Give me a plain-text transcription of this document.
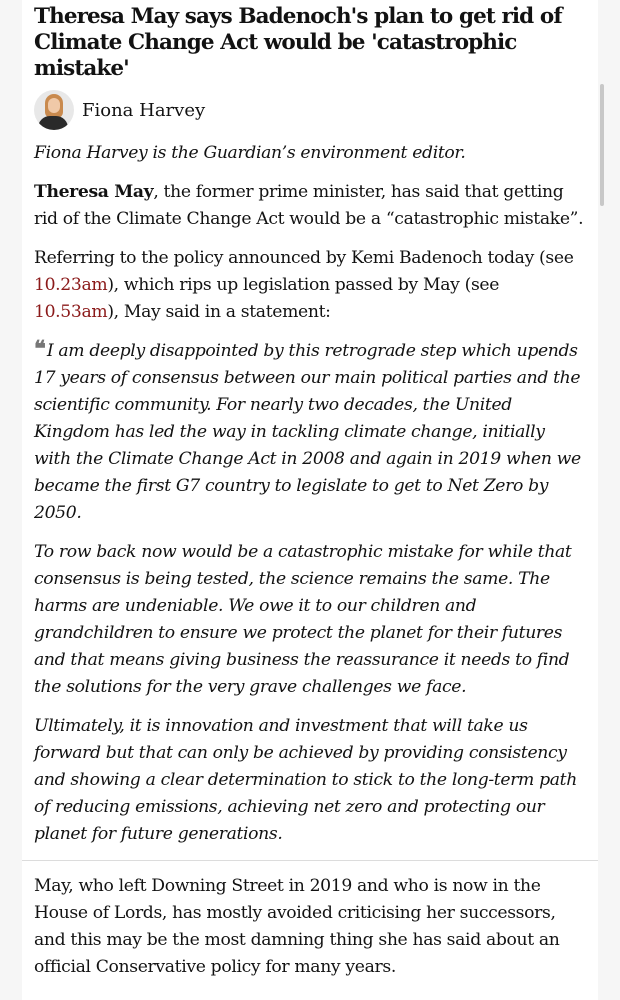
Theresa May says Badenoch's plan to get rid of Climate Change Act would be 'catastrophic mistake'
Fiona Harvey

Fiona Harvey is the Guardian’s environment editor.

Theresa May, the former prime minister, has said that getting rid of the Climate Change Act would be a “catastrophic mistake”.

Referring to the policy announced by Kemi Badenoch today (see 10.23am), which rips up legislation passed by May (see 10.53am), May said in a statement:

❝ I am deeply disappointed by this retrograde step which upends 17 years of consensus between our main political parties and the scientific community. For nearly two decades, the United Kingdom has led the way in tackling climate change, initially with the Climate Change Act in 2008 and again in 2019 when we became the first G7 country to legislate to get to Net Zero by 2050.

To row back now would be a catastrophic mistake for while that consensus is being tested, the science remains the same. The harms are undeniable. We owe it to our children and grandchildren to ensure we protect the planet for their futures and that means giving business the reassurance it needs to find the solutions for the very grave challenges we face.

Ultimately, it is innovation and investment that will take us forward but that can only be achieved by providing consistency and showing a clear determination to stick to the long-term path of reducing emissions, achieving net zero and protecting our planet for future generations.

May, who left Downing Street in 2019 and who is now in the House of Lords, has mostly avoided criticising her successors, and this may be the most damning thing she has said about an official Conservative policy for many years.
